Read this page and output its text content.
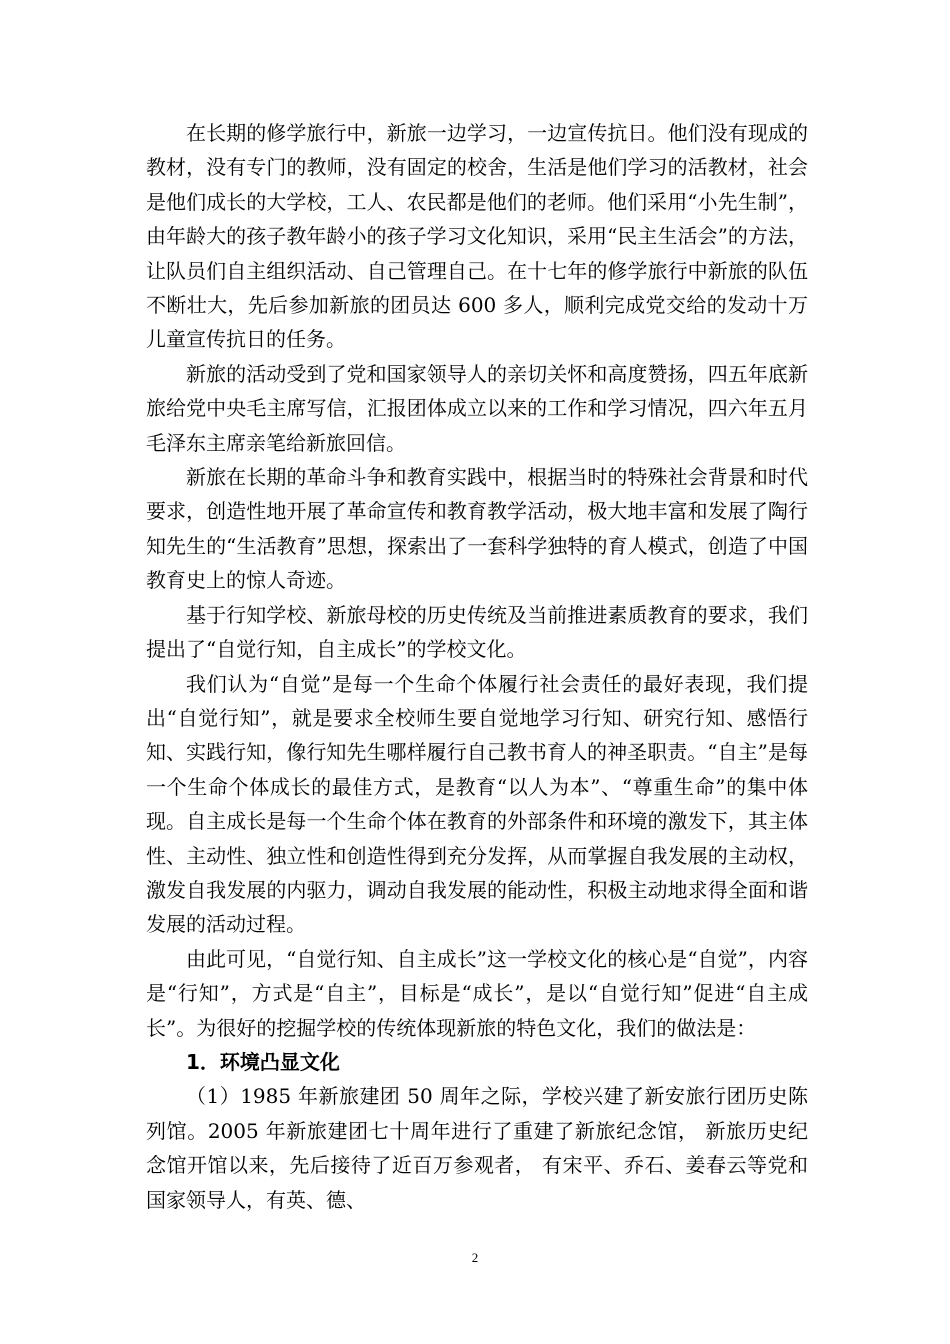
在长期的修学旅行中，新旅一边学习，一边宣传抗日。他们没有现成的教材，没有专门的教师，没有固定的校舍，生活是他们学习的活教材，社会是他们成长的大学校，工人、农民都是他们的老师。他们采用“小先生制”，由年龄大的孩子教年龄小的孩子学习文化知识，采用“民主生活会”的方法，让队员们自主组织活动、自己管理自己。在十七年的修学旅行中新旅的队伍不断壮大，先后参加新旅的团员达 600 多人，顺利完成党交给的发动十万儿童宣传抗日的任务。

新旅的活动受到了党和国家领导人的亲切关怀和高度赞扬，四五年底新旅给党中央毛主席写信，汇报团体成立以来的工作和学习情况，四六年五月毛泽东主席亲笔给新旅回信。

新旅在长期的革命斗争和教育实践中，根据当时的特殊社会背景和时代要求，创造性地开展了革命宣传和教育教学活动，极大地丰富和发展了陶行知先生的“生活教育”思想，探索出了一套科学独特的育人模式，创造了中国教育史上的惊人奇迹。

基于行知学校、新旅母校的历史传统及当前推进素质教育的要求，我们提出了“自觉行知，自主成长”的学校文化。

我们认为“自觉”是每一个生命个体履行社会责任的最好表现，我们提出“自觉行知”，就是要求全校师生要自觉地学习行知、研究行知、感悟行知、实践行知，像行知先生哪样履行自己教书育人的神圣职责。“自主”是每一个生命个体成长的最佳方式，是教育“以人为本”、“尊重生命”的集中体现。自主成长是每一个生命个体在教育的外部条件和环境的激发下，其主体性、主动性、独立性和创造性得到充分发挥，从而掌握自我发展的主动权，激发自我发展的内驱力，调动自我发展的能动性，积极主动地求得全面和谐发展的活动过程。

由此可见，“自觉行知、自主成长”这一学校文化的核心是“自觉”，内容是“行知”，方式是“自主”，目标是“成长”，是以“自觉行知”促进“自主成长”。为很好的挖掘学校的传统体现新旅的特色文化，我们的做法是：

1．环境凸显文化

（1）1985 年新旅建团 50 周年之际，学校兴建了新安旅行团历史陈列馆。2005 年新旅建团七十周年进行了重建了新旅纪念馆， 新旅历史纪念馆开馆以来，先后接待了近百万参观者， 有宋平、乔石、姜春云等党和国家领导人，有英、德、

2
